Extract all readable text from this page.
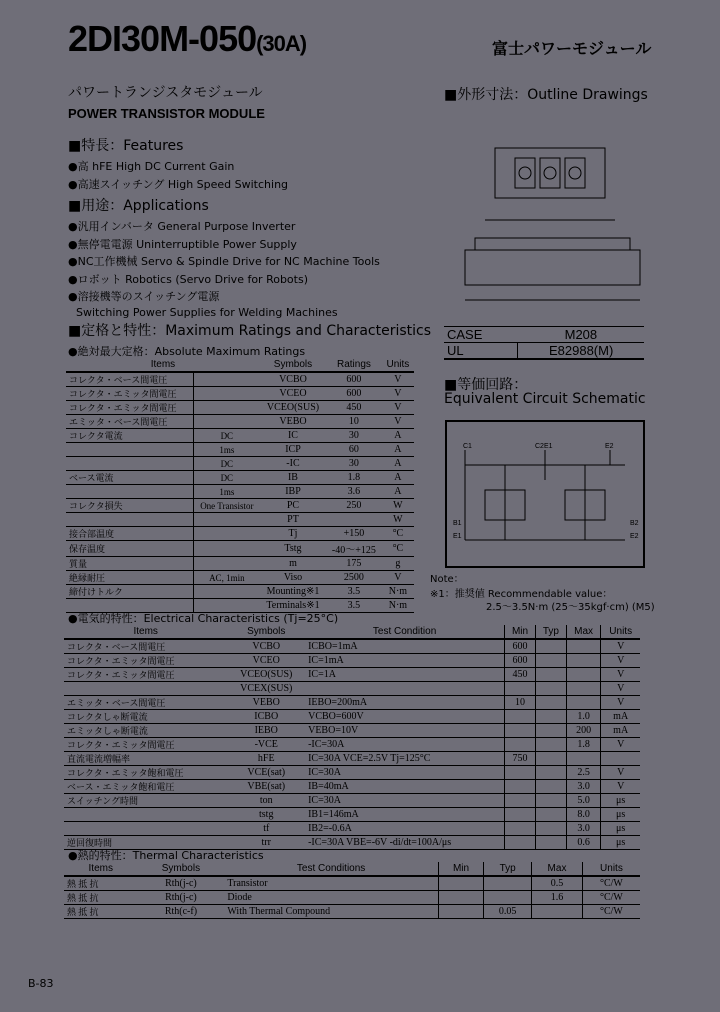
2DI30M-050(30A)	富士パワーモジュール
パワートランジスタモジュール
POWER TRANSISTOR MODULE
■特長：Features
●高 hFE High DC Current Gain
●高速スイッチング High Speed Switching
■用途：Applications
●汎用インバータ General Purpose Inverter
●無停電電源 Uninterruptible Power Supply
●NC工作機械 Servo & Spindle Drive for NC Machine Tools
●ロボット Robotics (Servo Drive for Robots)
●溶接機等のスイッチング電源
Switching Power Supplies for Welding Machines
■定格と特性：Maximum Ratings and Characteristics
●絶対最大定格：Absolute Maximum Ratings
Items		Symbols	Ratings	Units
コレクタ・ベース間電圧		VCBO	600	V
コレクタ・エミッタ間電圧		VCEO	600	V
コレクタ・エミッタ間電圧		VCEO(SUS)	450	V
エミッタ・ベース間電圧		VEBO	10	V
コレクタ電流	DC	IC	30	A
	1ms	ICP	60	A
	DC	-IC	30	A
ベース電流	DC	IB	1.8	A
	1ms	IBP	3.6	A
コレクタ損失	One Transistor	PC	250	W
		PT		W
接合部温度		Tj	+150	°C
保存温度		Tstg	-40～+125	°C
質量		m	175	g
絶縁耐圧	AC, 1min	Viso	2500	V
締付けトルク		Mounting※1	3.5	N·m
		Terminals※1	3.5	N·m
●電気的特性：Electrical Characteristics (Tj=25°C)
Items	Symbols	Test Condition	Min	Typ	Max	Units
コレクタ・ベース間電圧	VCBO	ICBO=1mA	600			V
コレクタ・エミッタ間電圧	VCEO	IC=1mA	600			V
コレクタ・エミッタ間電圧	VCEO(SUS)	IC=1A	450			V
	VCEX(SUS)					V
エミッタ・ベース間電圧	VEBO	IEBO=200mA	10			V
コレクタしゃ断電流	ICBO	VCBO=600V			1.0	mA
エミッタしゃ断電流	IEBO	VEBO=10V			200	mA
コレクタ・エミッタ間電圧	-VCE	-IC=30A			1.8	V
直流電流増幅率	hFE	IC=30A VCE=2.5V Tj=125°C	750			
コレクタ・エミッタ飽和電圧	VCE(sat)	IC=30A			2.5	V
ベース・エミッタ飽和電圧	VBE(sat)	IB=40mA			3.0	V
スイッチング時間	ton	IC=30A			5.0	μs
	tstg	IB1=146mA			8.0	μs
	tf	IB2=-0.6A			3.0	μs
逆回復時間	trr	-IC=30A VBE=-6V -di/dt=100A/μs			0.6	μs
●熱的特性：Thermal Characteristics
Items	Symbols	Test Conditions	Min	Typ	Max	Units
熱 抵 抗	Rth(j-c)	Transistor			0.5	°C/W
熱 抵 抗	Rth(j-c)	Diode			1.6	°C/W
熱 抵 抗	Rth(c-f)	With Thermal Compound		0.05		°C/W
■外形寸法：Outline Drawings
CASE	M208
UL	E82988(M)
■等価回路：
Equivalent Circuit Schematic
C1	C2E1	E2
B1
E1
B2
E2
Note：
※1：推奨値 Recommendable value：
2.5～3.5N·m (25～35kgf·cm) (M5)
B-83
